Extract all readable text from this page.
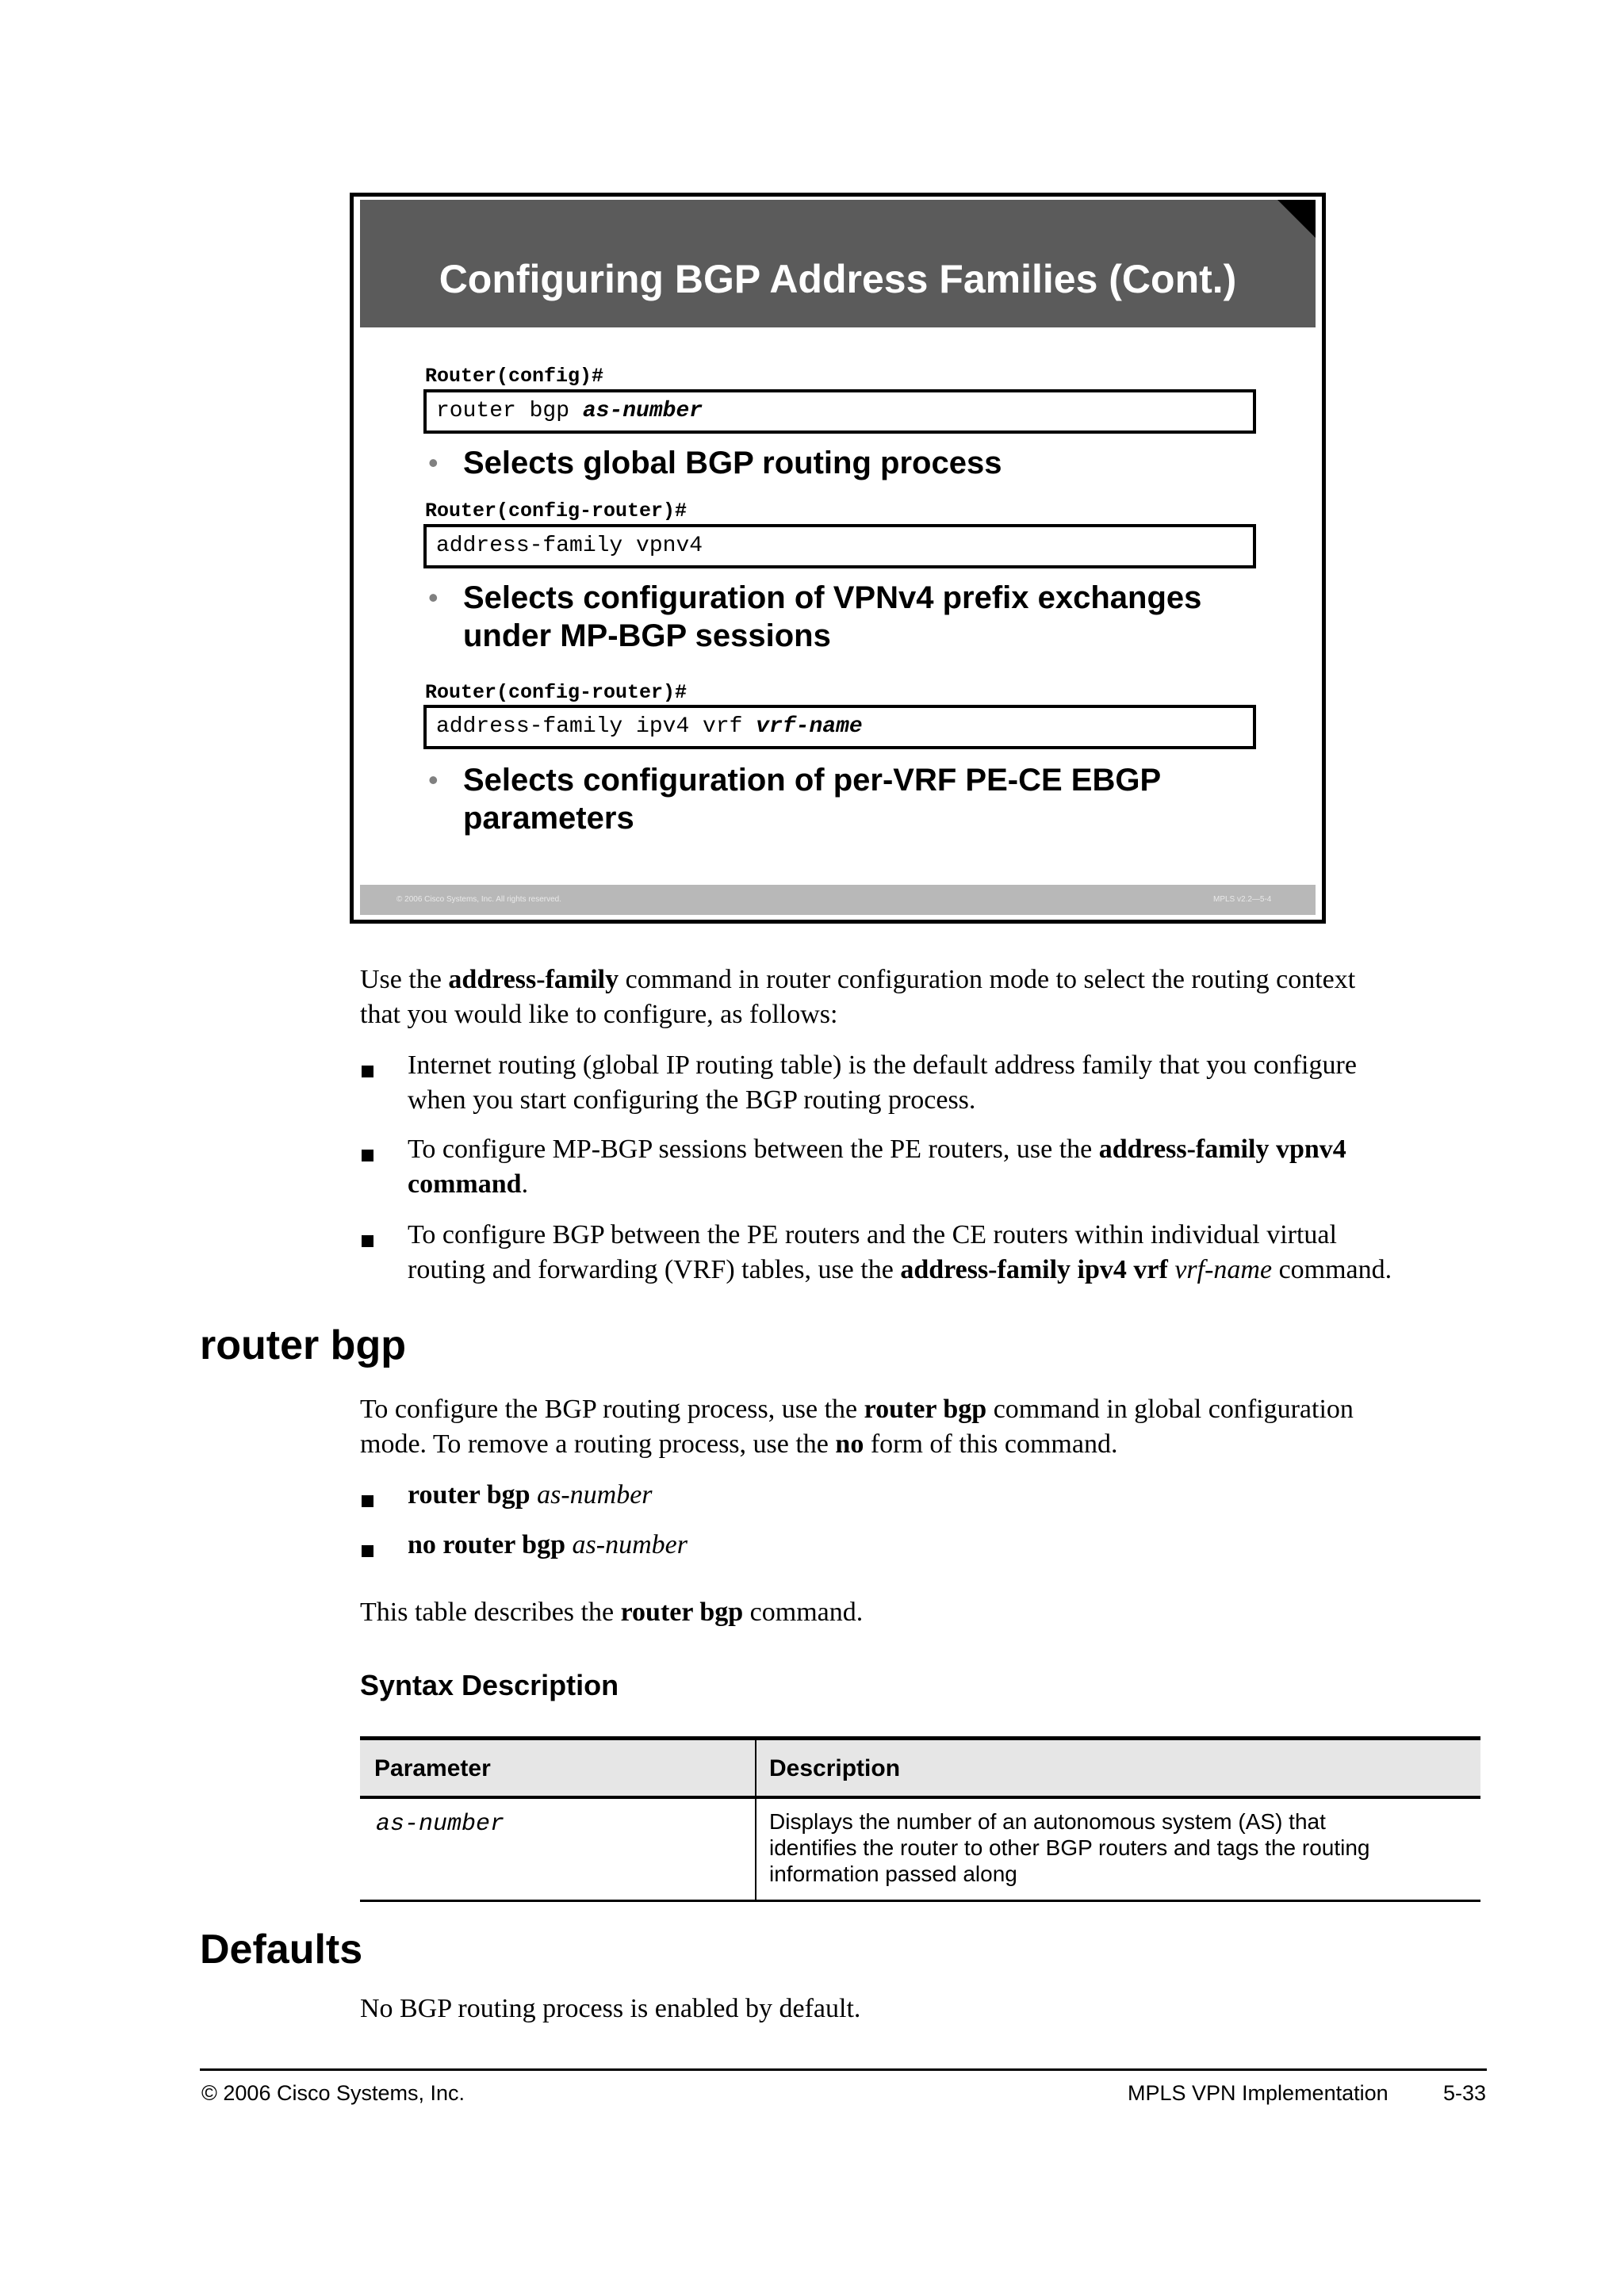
Configuring BGP Address Families (Cont.)
Router(config)#
router bgp as-number
• Selects global BGP routing process
Router(config-router)#
address-family vpnv4
• Selects configuration of VPNv4 prefix exchanges
under MP-BGP sessions
Router(config-router)#
address-family ipv4 vrf vrf-name
• Selects configuration of per-VRF PE-CE EBGP
parameters
© 2006 Cisco Systems, Inc. All rights reserved.	MPLS v2.2—5-4
Use the address-family command in router configuration mode to select the routing context
that you would like to configure, as follows:
Internet routing (global IP routing table) is the default address family that you configure
when you start configuring the BGP routing process.
To configure MP-BGP sessions between the PE routers, use the address-family vpnv4
command.
To configure BGP between the PE routers and the CE routers within individual virtual
routing and forwarding (VRF) tables, use the address-family ipv4 vrf vrf-name command.
router bgp
To configure the BGP routing process, use the router bgp command in global configuration
mode. To remove a routing process, use the no form of this command.
router bgp as-number
no router bgp as-number
This table describes the router bgp command.
Syntax Description
Parameter	Description
as-number	Displays the number of an autonomous system (AS) that
identifies the router to other BGP routers and tags the routing
information passed along
Defaults
No BGP routing process is enabled by default.
© 2006 Cisco Systems, Inc.	MPLS VPN Implementation	5-33
